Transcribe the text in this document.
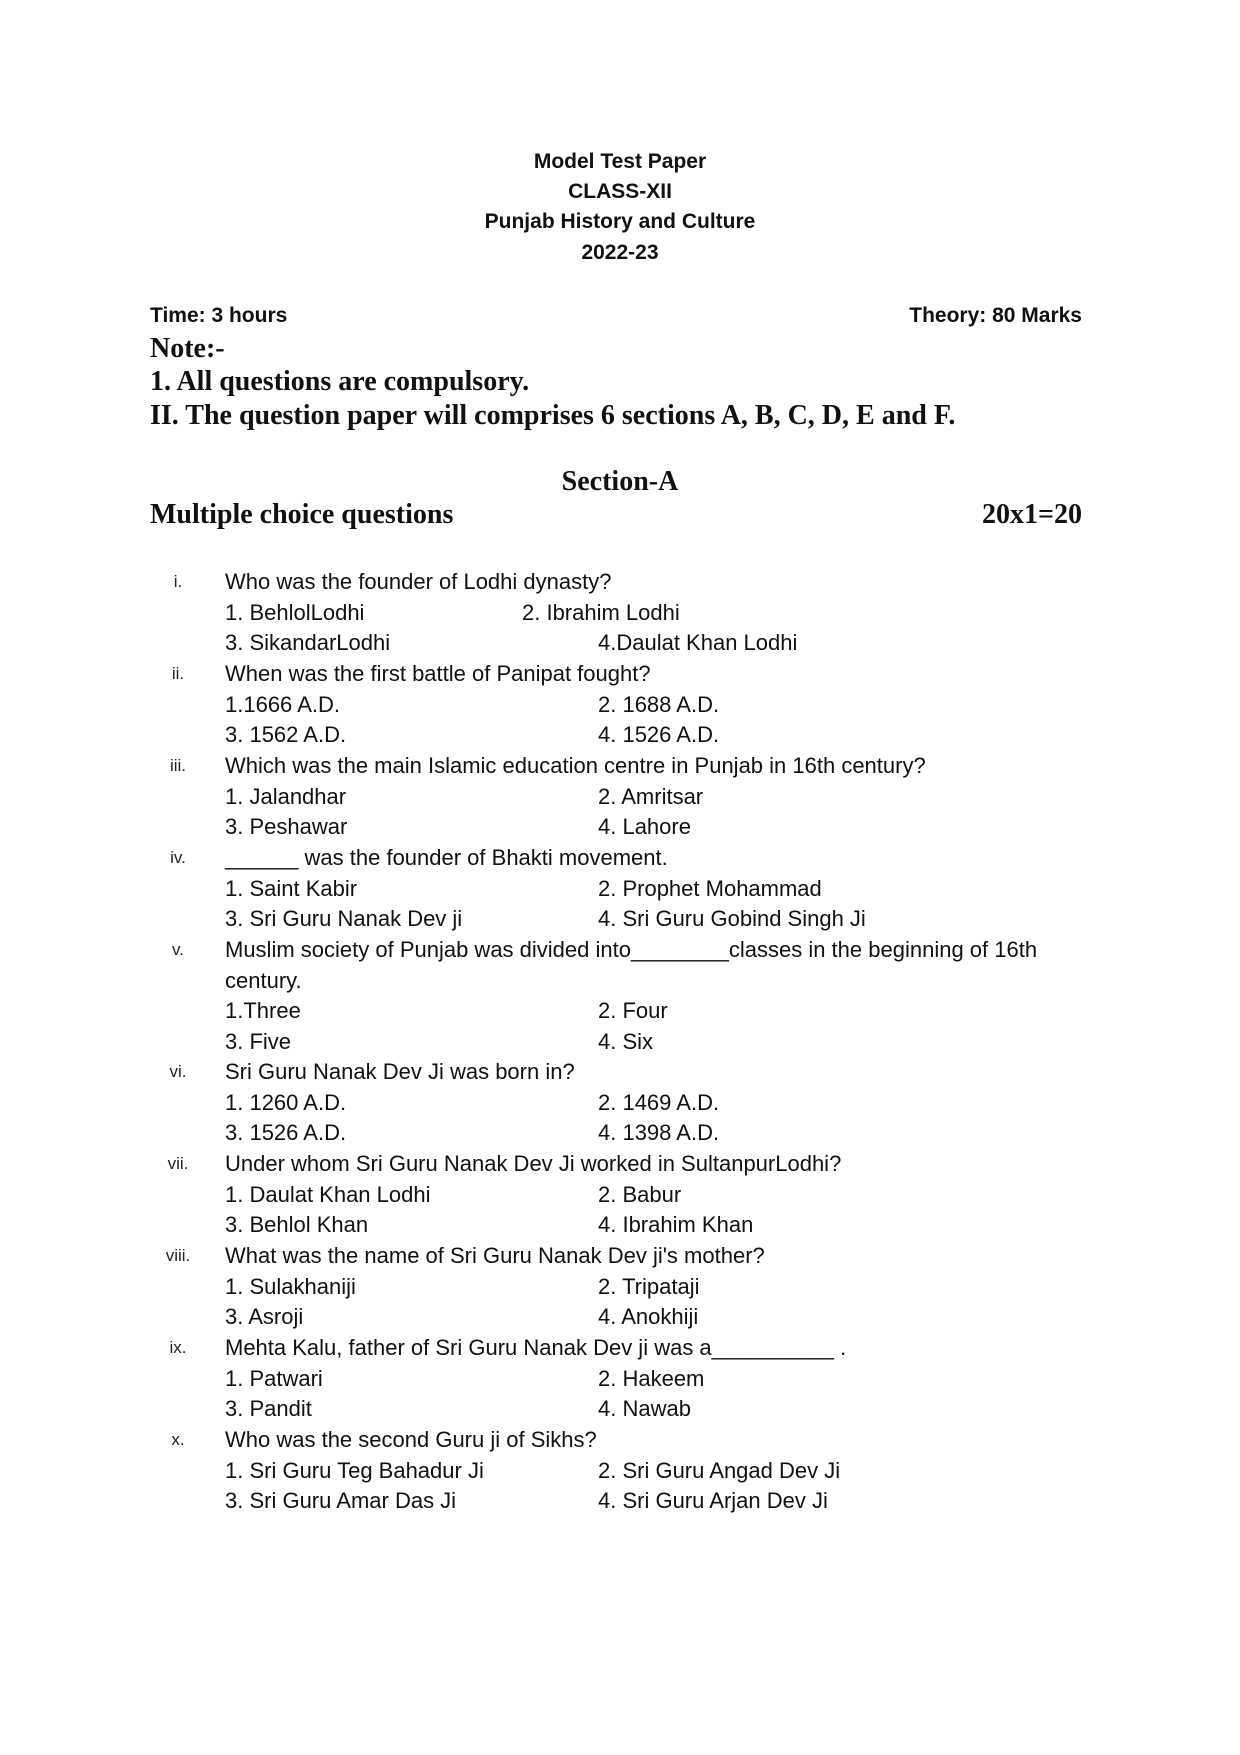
Model Test Paper
CLASS-XII
Punjab History and Culture
2022-23
Time: 3 hours	Theory: 80 Marks
Note:-
1. All questions are compulsory.
II. The question paper will comprises 6 sections A, B, C, D, E and F.
Section-A
Multiple choice questions	20x1=20
i.	Who was the founder of Lodhi dynasty?
1. BehlolLodhi	2. Ibrahim Lodhi
3. SikandarLodhi	4.Daulat Khan Lodhi
ii.	When was the first battle of Panipat fought?
1.1666 A.D.	2. 1688 A.D.
3. 1562 A.D.	4. 1526 A.D.
iii.	Which was the main Islamic education centre in Punjab in 16th century?
1. Jalandhar	2. Amritsar
3. Peshawar	4. Lahore
iv.	______ was the founder of Bhakti movement.
1. Saint Kabir	2. Prophet Mohammad
3. Sri Guru Nanak Dev ji	4. Sri Guru Gobind Singh Ji
v.	Muslim society of Punjab was divided into________classes in the beginning of 16th
century.
1.Three	2. Four
3. Five	4. Six
vi.	Sri Guru Nanak Dev Ji was born in?
1. 1260 A.D.	2. 1469 A.D.
3. 1526 A.D.	4. 1398 A.D.
vii.	Under whom Sri Guru Nanak Dev Ji worked in SultanpurLodhi?
1. Daulat Khan Lodhi	2. Babur
3. Behlol Khan	4. Ibrahim Khan
viii.	What was the name of Sri Guru Nanak Dev ji's mother?
1. Sulakhaniji	2. Tripataji
3. Asroji	4. Anokhiji
ix.	Mehta Kalu, father of Sri Guru Nanak Dev ji was a__________ .
1. Patwari	2. Hakeem
3. Pandit	4. Nawab
x.	Who was the second Guru ji of Sikhs?
1. Sri Guru Teg Bahadur Ji	2. Sri Guru Angad Dev Ji
3. Sri Guru Amar Das Ji	4. Sri Guru Arjan Dev Ji
